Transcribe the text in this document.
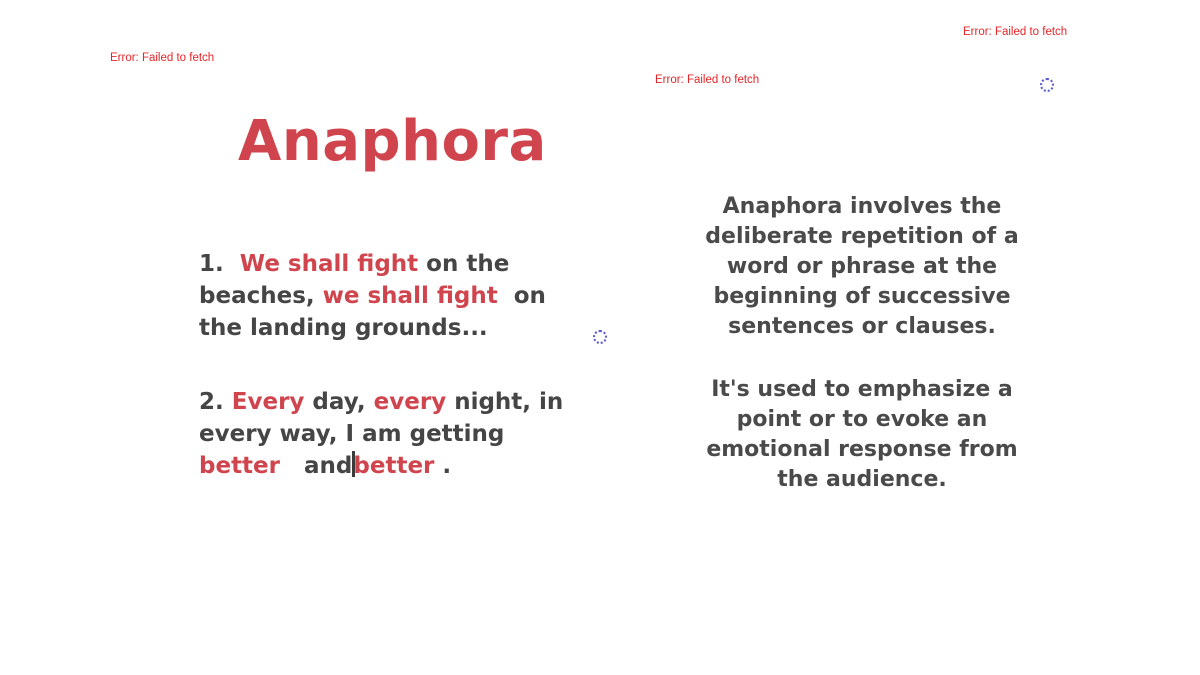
Error: Failed to fetch
Error: Failed to fetch
Error: Failed to fetch
Anaphora
1. We shall fight on the
beaches, we shall fight  on
the landing grounds...
2. Every day, every night, in
every way, I am getting
better   andbetter .
Anaphora involves the
deliberate repetition of a
word or phrase at the
beginning of successive
sentences or clauses.
It's used to emphasize a
point or to evoke an
emotional response from
the audience.
